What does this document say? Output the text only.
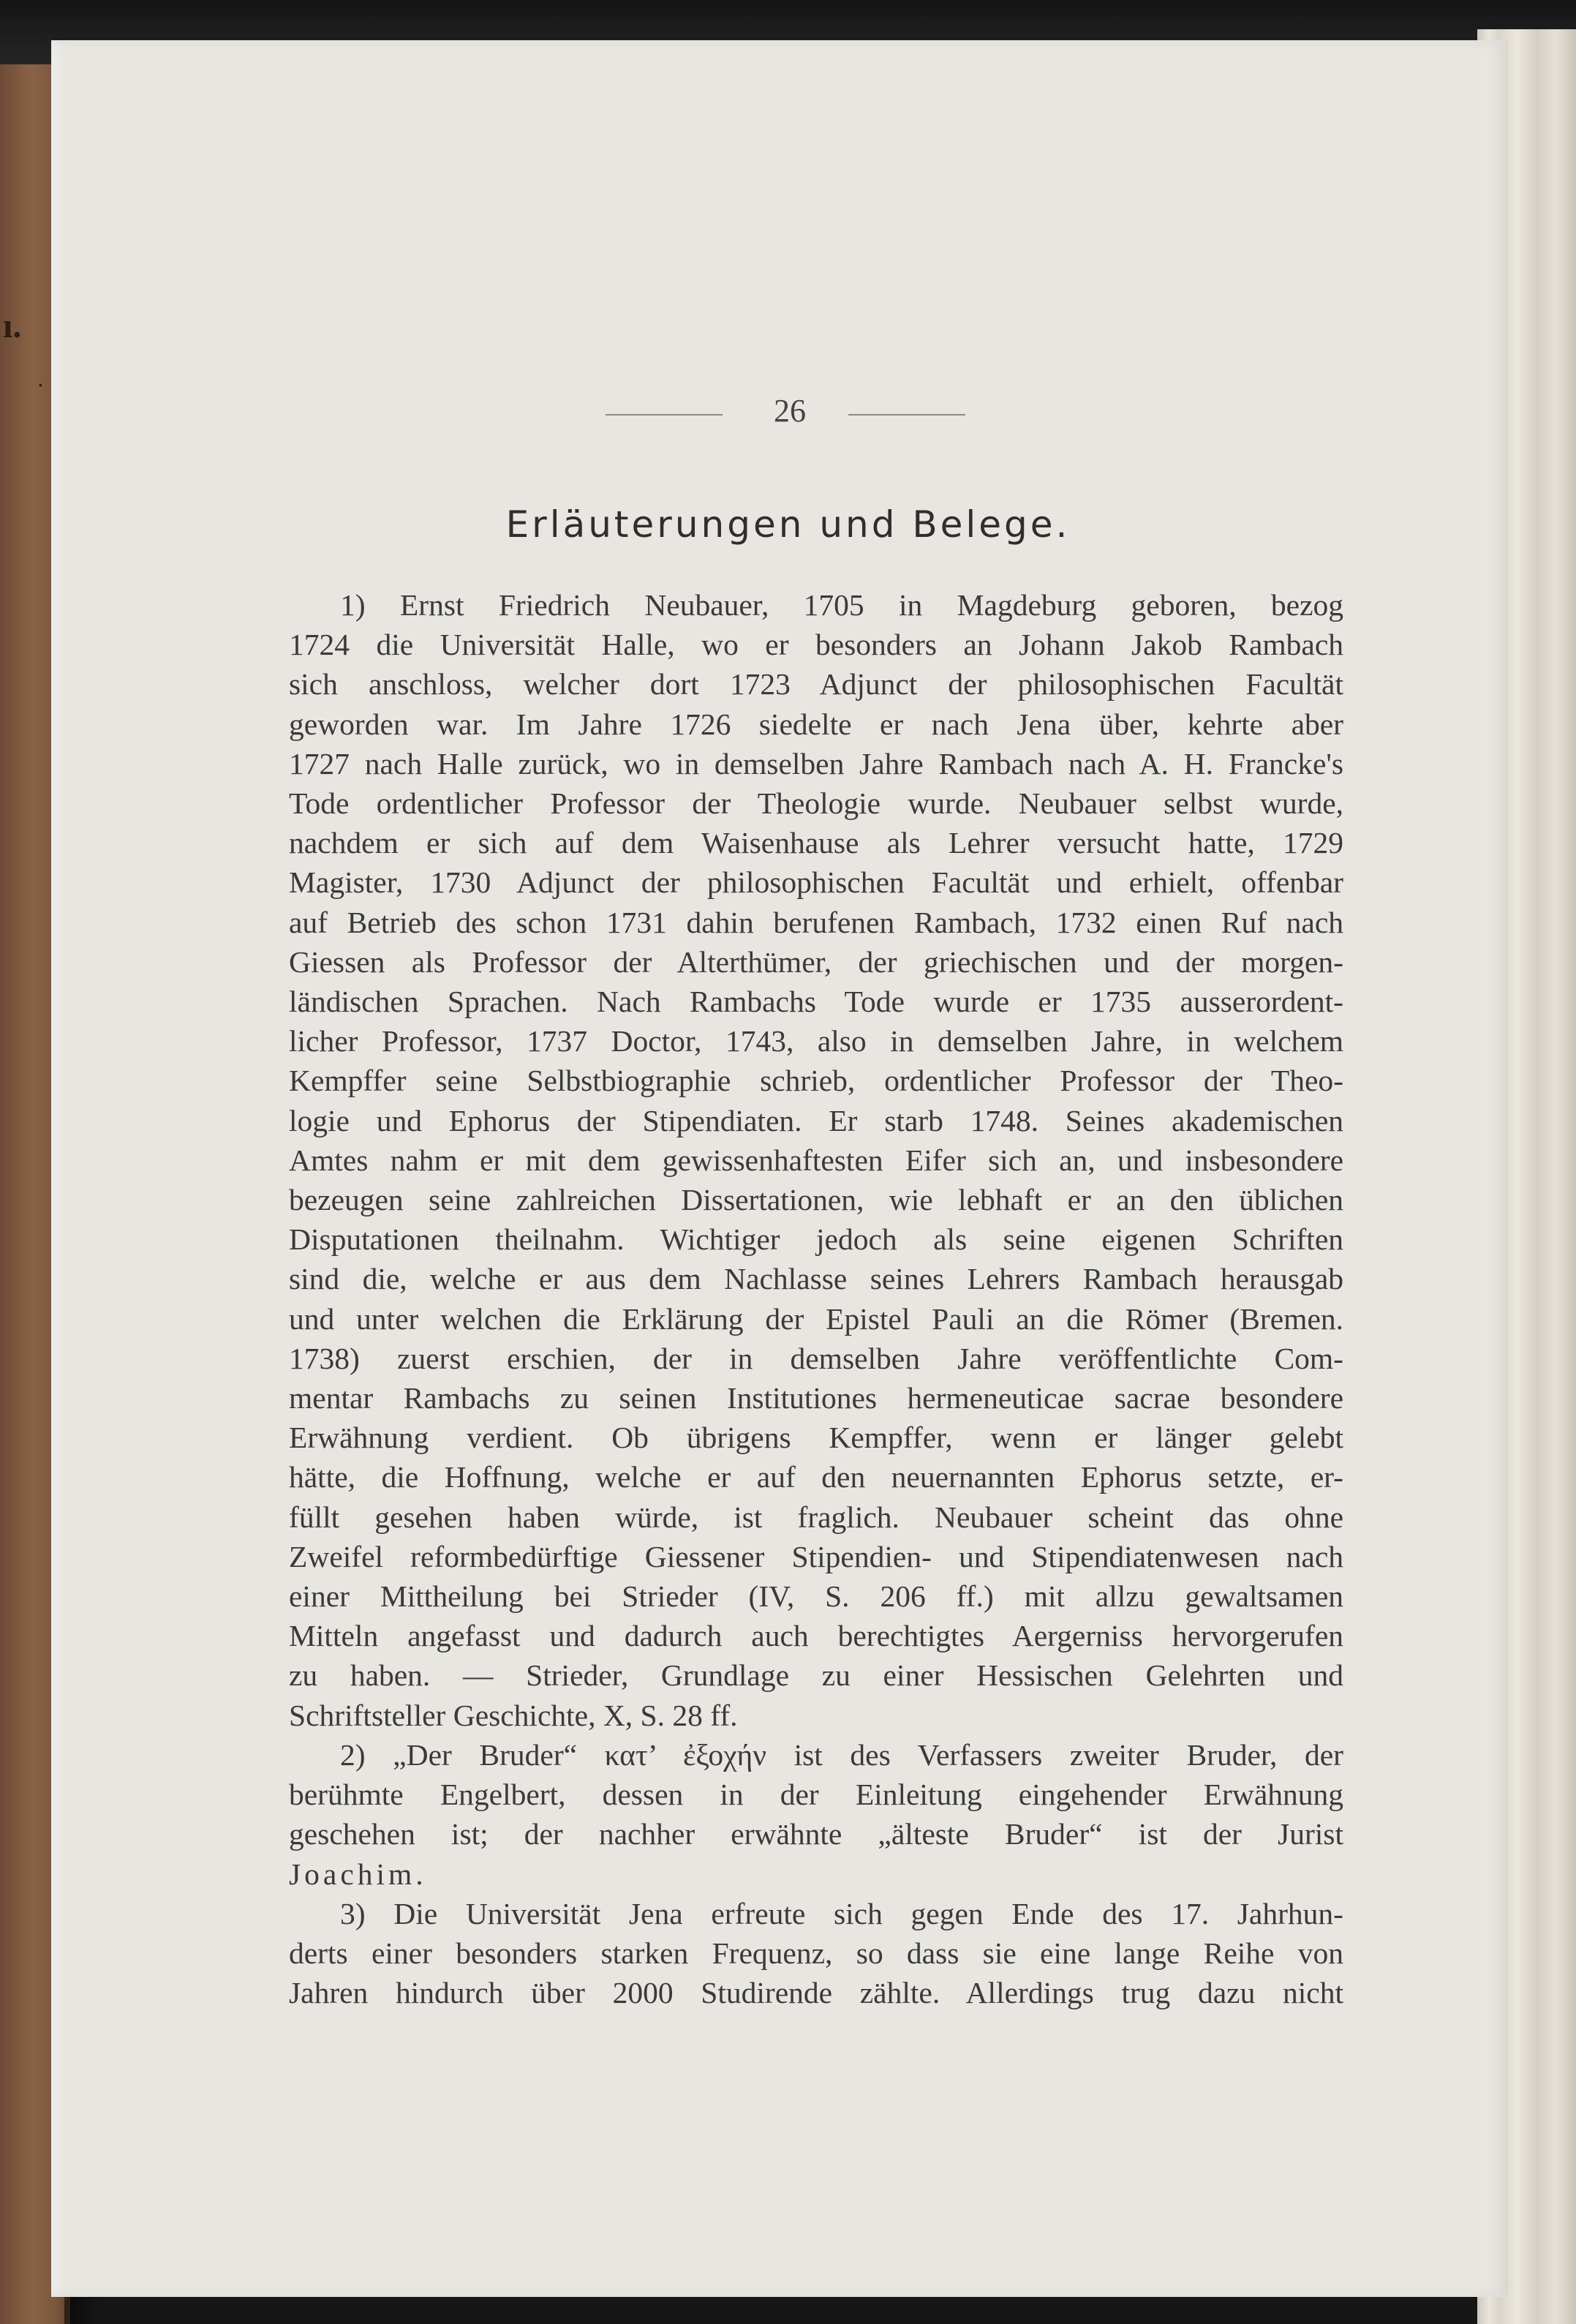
ı.
·
26
Erläuterungen und Belege.
1) Ernst Friedrich Neubauer, 1705 in Magdeburg geboren, bezog
1724 die Universität Halle, wo er besonders an Johann Jakob Rambach
sich anschloss, welcher dort 1723 Adjunct der philosophischen Facultät
geworden war. Im Jahre 1726 siedelte er nach Jena über, kehrte aber
1727 nach Halle zurück, wo in demselben Jahre Rambach nach A. H. Francke's
Tode ordentlicher Professor der Theologie wurde. Neubauer selbst wurde,
nachdem er sich auf dem Waisenhause als Lehrer versucht hatte, 1729
Magister, 1730 Adjunct der philosophischen Facultät und erhielt, offenbar
auf Betrieb des schon 1731 dahin berufenen Rambach, 1732 einen Ruf nach
Giessen als Professor der Alterthümer, der griechischen und der morgen-
ländischen Sprachen. Nach Rambachs Tode wurde er 1735 ausserordent-
licher Professor, 1737 Doctor, 1743, also in demselben Jahre, in welchem
Kempffer seine Selbstbiographie schrieb, ordentlicher Professor der Theo-
logie und Ephorus der Stipendiaten. Er starb 1748. Seines akademischen
Amtes nahm er mit dem gewissenhaftesten Eifer sich an, und insbesondere
bezeugen seine zahlreichen Dissertationen, wie lebhaft er an den üblichen
Disputationen theilnahm. Wichtiger jedoch als seine eigenen Schriften
sind die, welche er aus dem Nachlasse seines Lehrers Rambach herausgab
und unter welchen die Erklärung der Epistel Pauli an die Römer (Bremen.
1738) zuerst erschien, der in demselben Jahre veröffentlichte Com-
mentar Rambachs zu seinen Institutiones hermeneuticae sacrae besondere
Erwähnung verdient. Ob übrigens Kempffer, wenn er länger gelebt
hätte, die Hoffnung, welche er auf den neuernannten Ephorus setzte, er-
füllt gesehen haben würde, ist fraglich. Neubauer scheint das ohne
Zweifel reformbedürftige Giessener Stipendien- und Stipendiatenwesen nach
einer Mittheilung bei Strieder (IV, S. 206 ff.) mit allzu gewaltsamen
Mitteln angefasst und dadurch auch berechtigtes Aergerniss hervorgerufen
zu haben. — Strieder, Grundlage zu einer Hessischen Gelehrten und
Schriftsteller Geschichte, X, S. 28 ff.
2) „Der Bruder“ κατ’ ἐξοχήν ist des Verfassers zweiter Bruder, der
berühmte Engelbert, dessen in der Einleitung eingehender Erwähnung
geschehen ist; der nachher erwähnte „älteste Bruder“ ist der Jurist
Joachim.
3) Die Universität Jena erfreute sich gegen Ende des 17. Jahrhun-
derts einer besonders starken Frequenz, so dass sie eine lange Reihe von
Jahren hindurch über 2000 Studirende zählte. Allerdings trug dazu nicht
